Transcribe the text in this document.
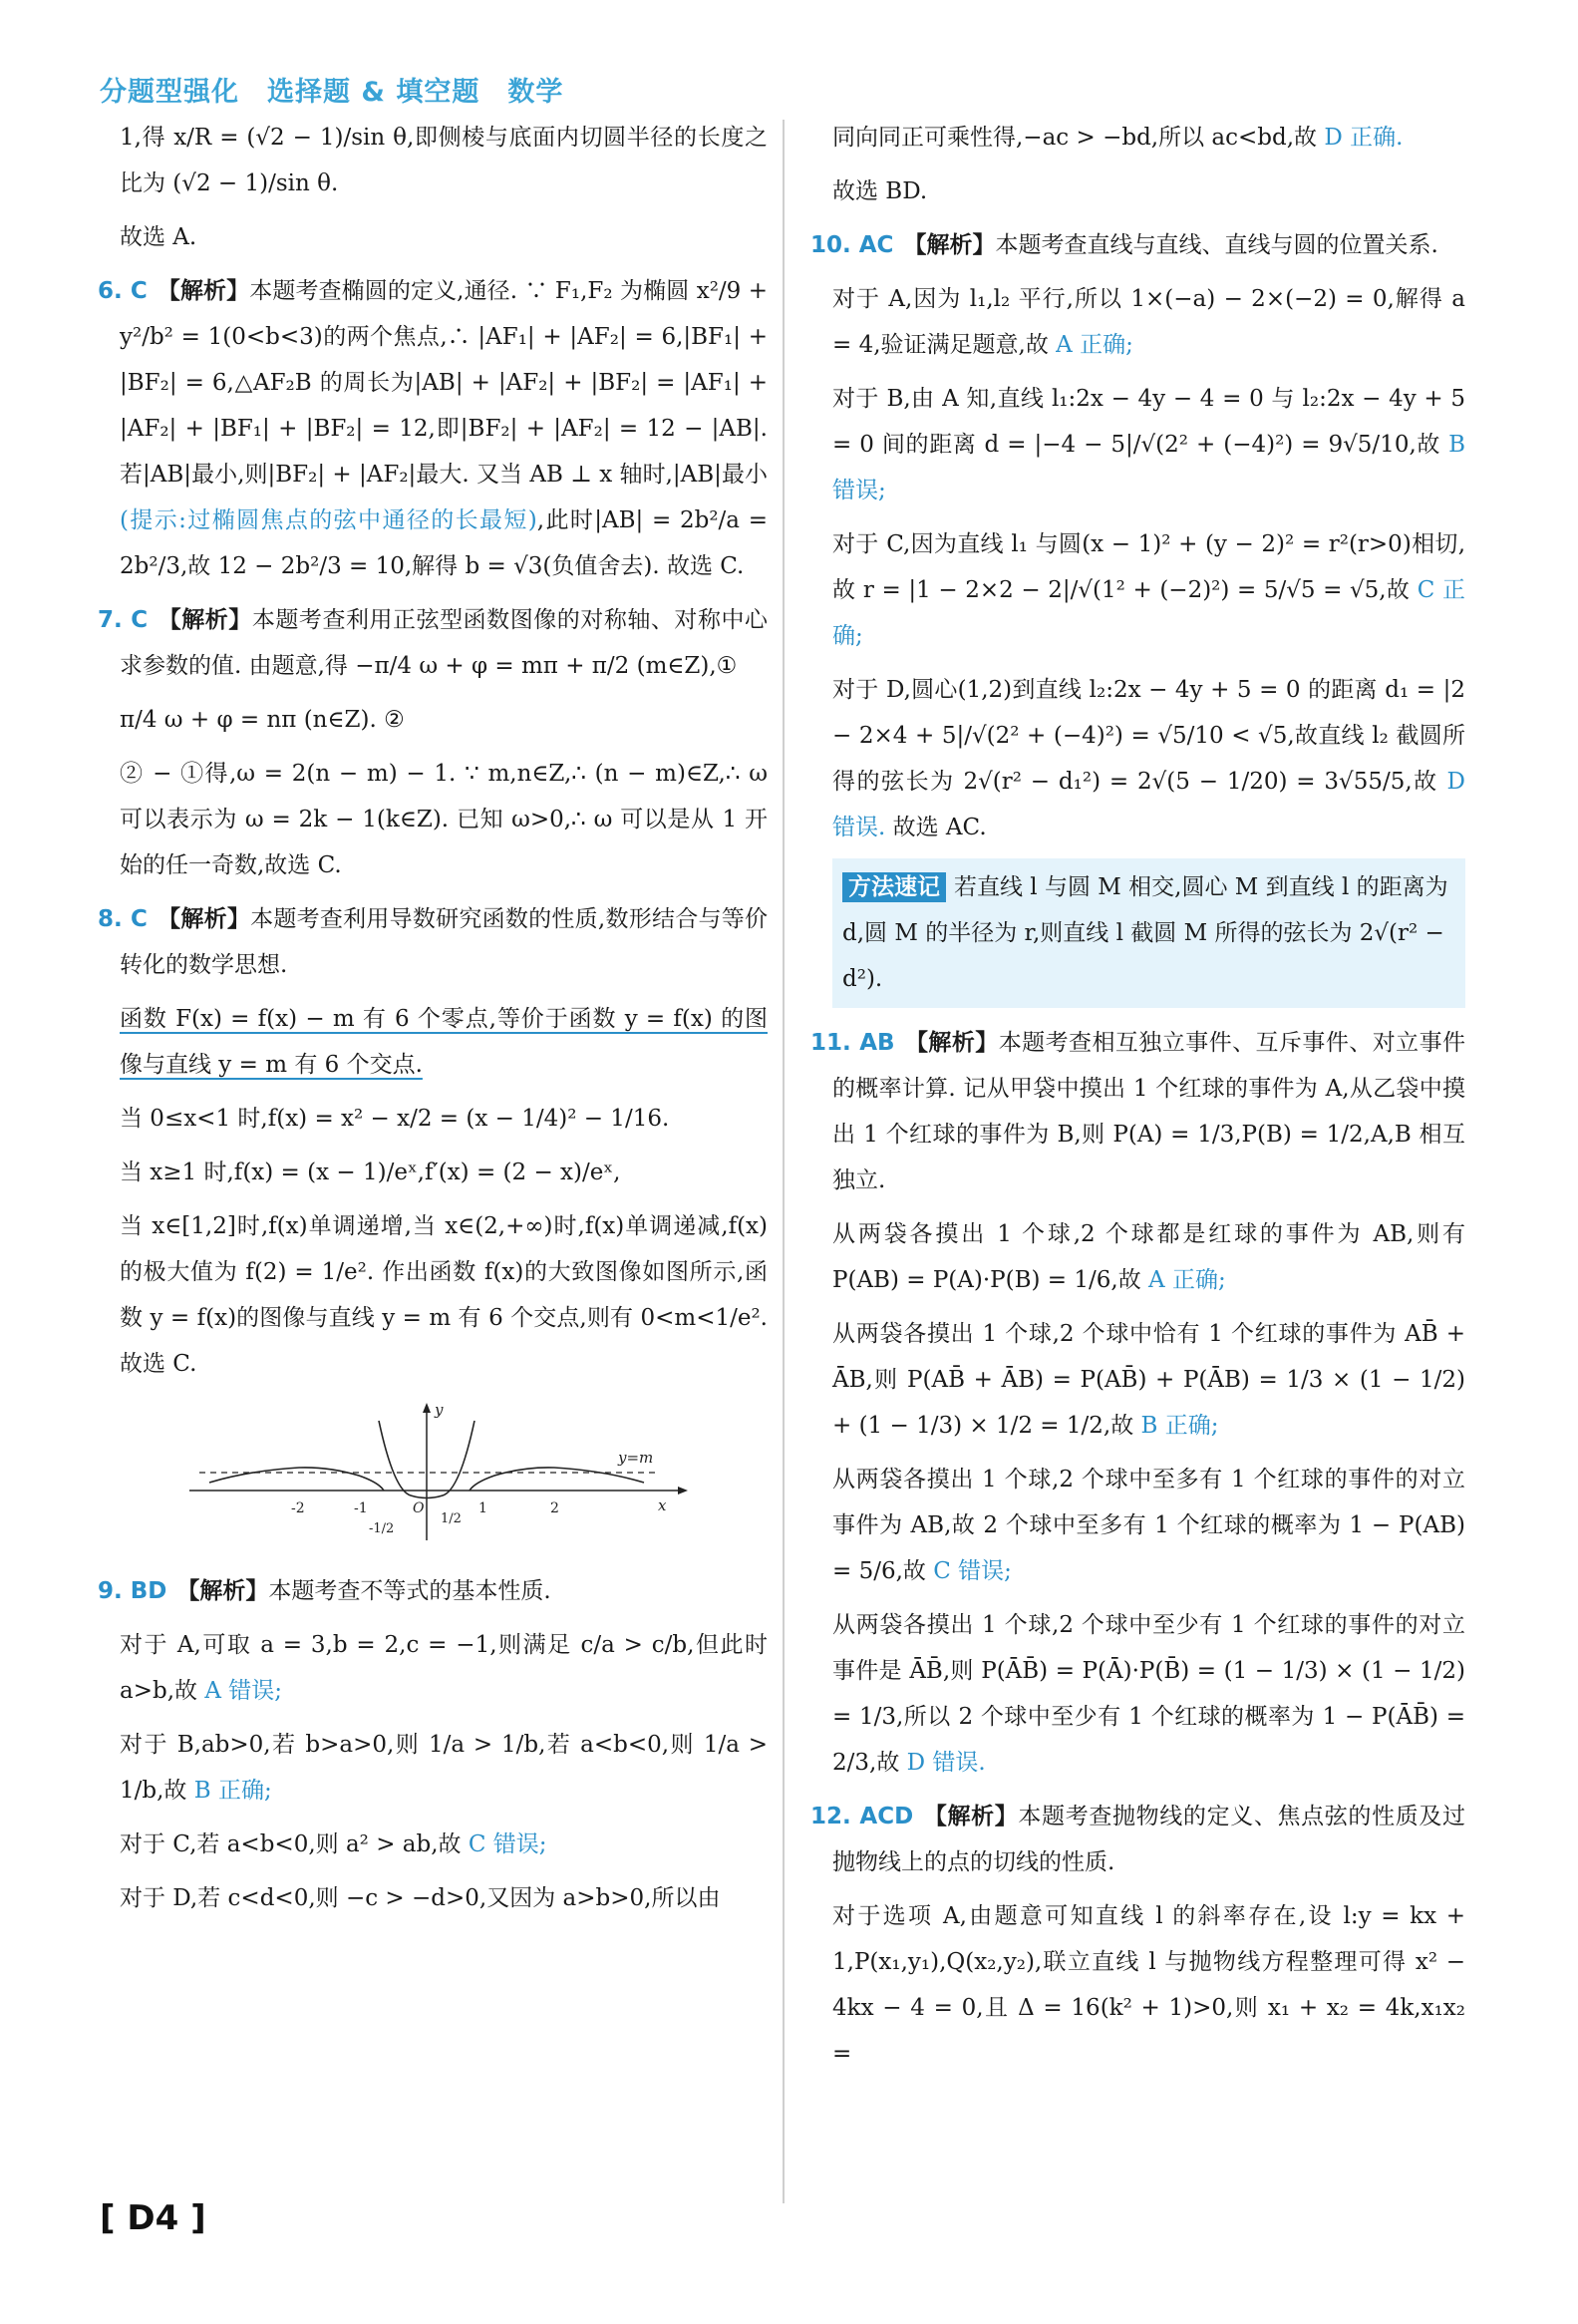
分题型强化　选择题 & 填空题　数学

1,得 x/R = (√2 − 1)/sin θ,即侧棱与底面内切圆半径的长度之比为 (√2 − 1)/sin θ.

故选 A.

6. C 【解析】本题考查椭圆的定义,通径. ∵ F₁,F₂ 为椭圆 x²/9 + y²/b² = 1(0<b<3)的两个焦点,∴ |AF₁| + |AF₂| = 6,|BF₁| + |BF₂| = 6,△AF₂B 的周长为|AB| + |AF₂| + |BF₂| = |AF₁| + |AF₂| + |BF₁| + |BF₂| = 12,即|BF₂| + |AF₂| = 12 − |AB|. 若|AB|最小,则|BF₂| + |AF₂|最大. 又当 AB ⊥ x 轴时,|AB|最小(提示:过椭圆焦点的弦中通径的长最短),此时|AB| = 2b²/a = 2b²/3,故 12 − 2b²/3 = 10,解得 b = √3(负值舍去). 故选 C.

7. C 【解析】本题考查利用正弦型函数图像的对称轴、对称中心求参数的值. 由题意,得 −π/4 ω + φ = mπ + π/2 (m∈Z),①

π/4 ω + φ = nπ (n∈Z). ②

② − ①得,ω = 2(n − m) − 1. ∵ m,n∈Z,∴ (n − m)∈Z,∴ ω 可以表示为 ω = 2k − 1(k∈Z). 已知 ω>0,∴ ω 可以是从 1 开始的任一奇数,故选 C.

8. C 【解析】本题考查利用导数研究函数的性质,数形结合与等价转化的数学思想.

函数 F(x) = f(x) − m 有 6 个零点,等价于函数 y = f(x) 的图像与直线 y = m 有 6 个交点.

当 0≤x<1 时,f(x) = x² − x/2 = (x − 1/4)² − 1/16.

当 x≥1 时,f(x) = (x − 1)/eˣ,f′(x) = (2 − x)/eˣ,

当 x∈[1,2]时,f(x)单调递增,当 x∈(2,+∞)时,f(x)单调递减,f(x)的极大值为 f(2) = 1/e². 作出函数 f(x)的大致图像如图所示,函数 y = f(x)的图像与直线 y = m 有 6 个交点,则有 0<m<1/e². 故选 C.

y
x
y=m
O
-2	-1
-1/2
1/2
1	2

9. BD 【解析】本题考查不等式的基本性质.

对于 A,可取 a = 3,b = 2,c = −1,则满足 c/a > c/b,但此时 a>b,故 A 错误;

对于 B,ab>0,若 b>a>0,则 1/a > 1/b,若 a<b<0,则 1/a > 1/b,故 B 正确;

对于 C,若 a<b<0,则 a² > ab,故 C 错误;

对于 D,若 c<d<0,则 −c > −d>0,又因为 a>b>0,所以由

同向同正可乘性得,−ac > −bd,所以 ac<bd,故 D 正确.

故选 BD.

10. AC 【解析】本题考查直线与直线、直线与圆的位置关系.

对于 A,因为 l₁,l₂ 平行,所以 1×(−a) − 2×(−2) = 0,解得 a = 4,验证满足题意,故 A 正确;

对于 B,由 A 知,直线 l₁:2x − 4y − 4 = 0 与 l₂:2x − 4y + 5 = 0 间的距离 d = |−4 − 5|/√(2² + (−4)²) = 9√5/10,故 B 错误;

对于 C,因为直线 l₁ 与圆(x − 1)² + (y − 2)² = r²(r>0)相切,故 r = |1 − 2×2 − 2|/√(1² + (−2)²) = 5/√5 = √5,故 C 正确;

对于 D,圆心(1,2)到直线 l₂:2x − 4y + 5 = 0 的距离 d₁ = |2 − 2×4 + 5|/√(2² + (−4)²) = √5/10 < √5,故直线 l₂ 截圆所得的弦长为 2√(r² − d₁²) = 2√(5 − 1/20) = 3√55/5,故 D 错误. 故选 AC.

方法速记 若直线 l 与圆 M 相交,圆心 M 到直线 l 的距离为 d,圆 M 的半径为 r,则直线 l 截圆 M 所得的弦长为 2√(r² − d²).

11. AB 【解析】本题考查相互独立事件、互斥事件、对立事件的概率计算. 记从甲袋中摸出 1 个红球的事件为 A,从乙袋中摸出 1 个红球的事件为 B,则 P(A) = 1/3,P(B) = 1/2,A,B 相互独立.

从两袋各摸出 1 个球,2 个球都是红球的事件为 AB,则有 P(AB) = P(A)·P(B) = 1/6,故 A 正确;

从两袋各摸出 1 个球,2 个球中恰有 1 个红球的事件为 AB̄ + ĀB,则 P(AB̄ + ĀB) = P(AB̄) + P(ĀB) = 1/3 × (1 − 1/2) + (1 − 1/3) × 1/2 = 1/2,故 B 正确;

从两袋各摸出 1 个球,2 个球中至多有 1 个红球的事件的对立事件为 AB,故 2 个球中至多有 1 个红球的概率为 1 − P(AB) = 5/6,故 C 错误;

从两袋各摸出 1 个球,2 个球中至少有 1 个红球的事件的对立事件是 ĀB̄,则 P(ĀB̄) = P(Ā)·P(B̄) = (1 − 1/3) × (1 − 1/2) = 1/3,所以 2 个球中至少有 1 个红球的概率为 1 − P(ĀB̄) = 2/3,故 D 错误.

12. ACD 【解析】本题考查抛物线的定义、焦点弦的性质及过抛物线上的点的切线的性质.

对于选项 A,由题意可知直线 l 的斜率存在,设 l:y = kx + 1,P(x₁,y₁),Q(x₂,y₂),联立直线 l 与抛物线方程整理可得 x² − 4kx − 4 = 0,且 Δ = 16(k² + 1)>0,则 x₁ + x₂ = 4k,x₁x₂ =

[ D4 ]
